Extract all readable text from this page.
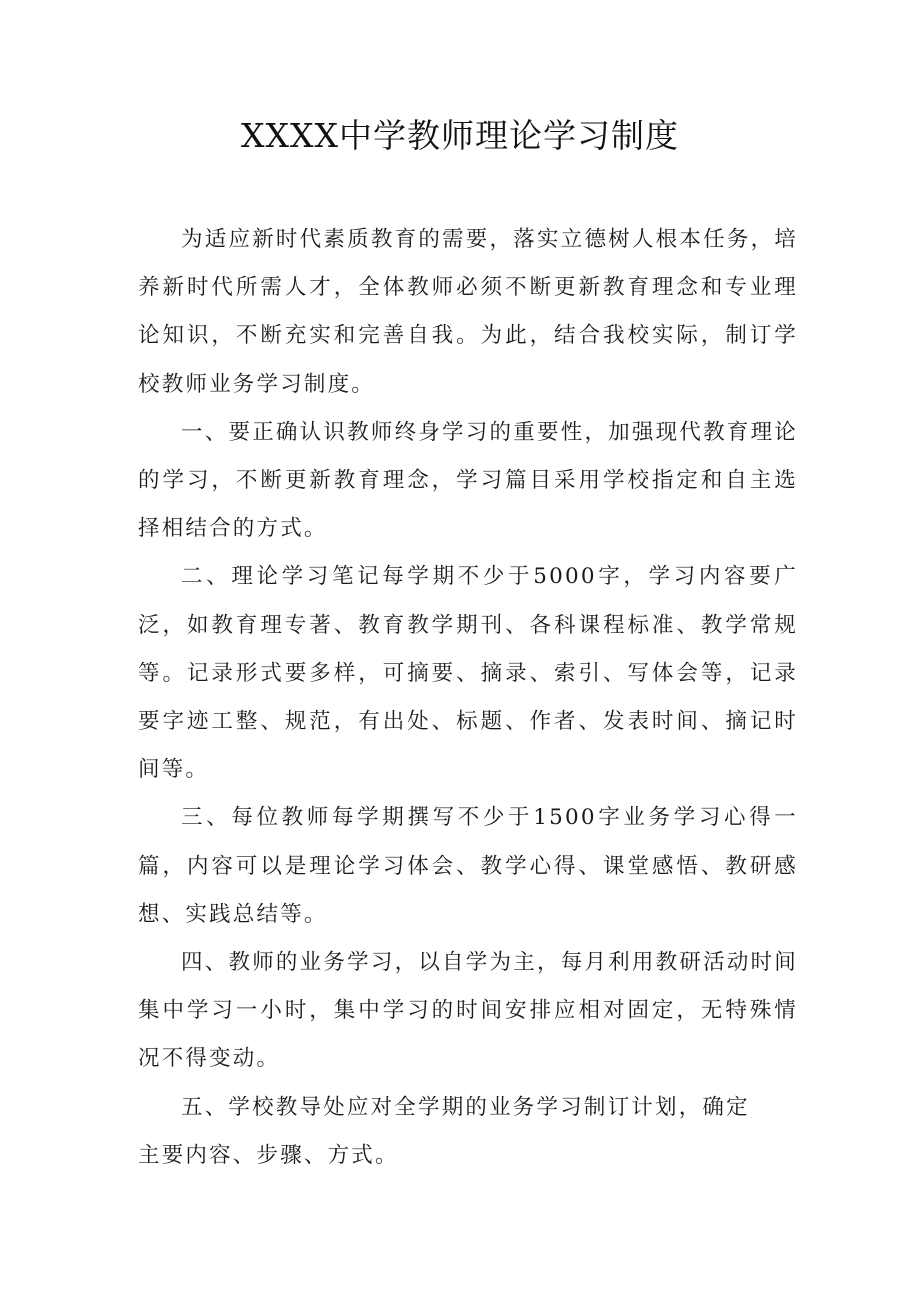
XXXX中学教师理论学习制度

为适应新时代素质教育的需要，落实立德树人根本任务，培养新时代所需人才，全体教师必须不断更新教育理念和专业理论知识，不断充实和完善自我。为此，结合我校实际，制订学校教师业务学习制度。

一、要正确认识教师终身学习的重要性，加强现代教育理论的学习，不断更新教育理念，学习篇目采用学校指定和自主选择相结合的方式。

二、理论学习笔记每学期不少于5000字，学习内容要广泛，如教育理专著、教育教学期刊、各科课程标准、教学常规等。记录形式要多样，可摘要、摘录、索引、写体会等，记录要字迹工整、规范，有出处、标题、作者、发表时间、摘记时间等。

三、每位教师每学期撰写不少于1500字业务学习心得一篇，内容可以是理论学习体会、教学心得、课堂感悟、教研感想、实践总结等。

四、教师的业务学习，以自学为主，每月利用教研活动时间集中学习一小时，集中学习的时间安排应相对固定，无特殊情况不得变动。

五、学校教导处应对全学期的业务学习制订计划，确定

主要内容、步骤、方式。
